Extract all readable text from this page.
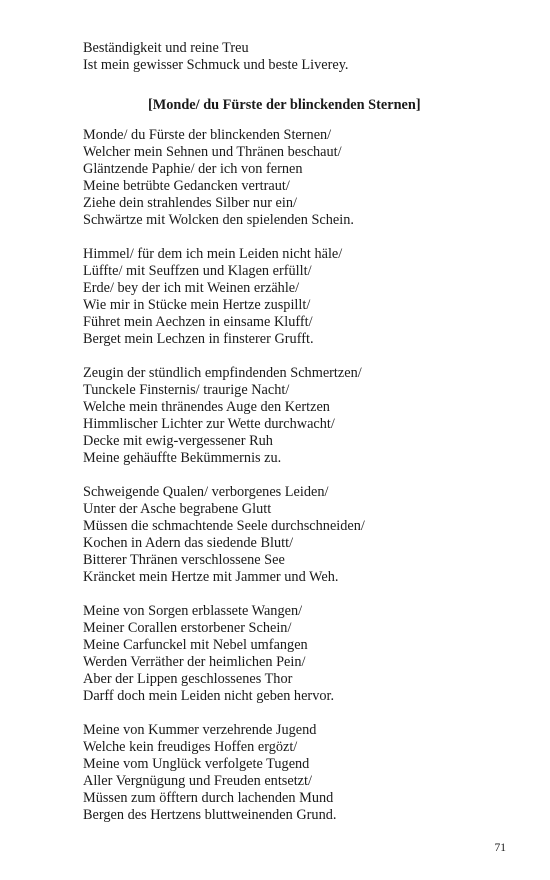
Beständigkeit und reine Treu
Ist mein gewisser Schmuck und beste Liverey.
[Monde/ du Fürste der blinckenden Sternen]
Monde/ du Fürste der blinckenden Sternen/
Welcher mein Sehnen und Thränen beschaut/
Gläntzende Paphie/ der ich von fernen
Meine betrübte Gedancken vertraut/
Ziehe dein strahlendes Silber nur ein/
Schwärtze mit Wolcken den spielenden Schein.
Himmel/ für dem ich mein Leiden nicht häle/
Lüffte/ mit Seuffzen und Klagen erfüllt/
Erde/ bey der ich mit Weinen erzähle/
Wie mir in Stücke mein Hertze zuspillt/
Führet mein Aechzen in einsame Klufft/
Berget mein Lechzen in finsterer Grufft.
Zeugin der stündlich empfindenden Schmertzen/
Tunckele Finsternis/ traurige Nacht/
Welche mein thränendes Auge den Kertzen
Himmlischer Lichter zur Wette durchwacht/
Decke mit ewig-vergessener Ruh
Meine gehäuffte Bekümmernis zu.
Schweigende Qualen/ verborgenes Leiden/
Unter der Asche begrabene Glutt
Müssen die schmachtende Seele durchschneiden/
Kochen in Adern das siedende Blutt/
Bitterer Thränen verschlossene See
Kräncket mein Hertze mit Jammer und Weh.
Meine von Sorgen erblassete Wangen/
Meiner Corallen erstorbener Schein/
Meine Carfunckel mit Nebel umfangen
Werden Verräther der heimlichen Pein/
Aber der Lippen geschlossenes Thor
Darff doch mein Leiden nicht geben hervor.
Meine von Kummer verzehrende Jugend
Welche kein freudiges Hoffen ergözt/
Meine vom Unglück verfolgete Tugend
Aller Vergnügung und Freuden entsetzt/
Müssen zum öfftern durch lachenden Mund
Bergen des Hertzens bluttweinenden Grund.
71
